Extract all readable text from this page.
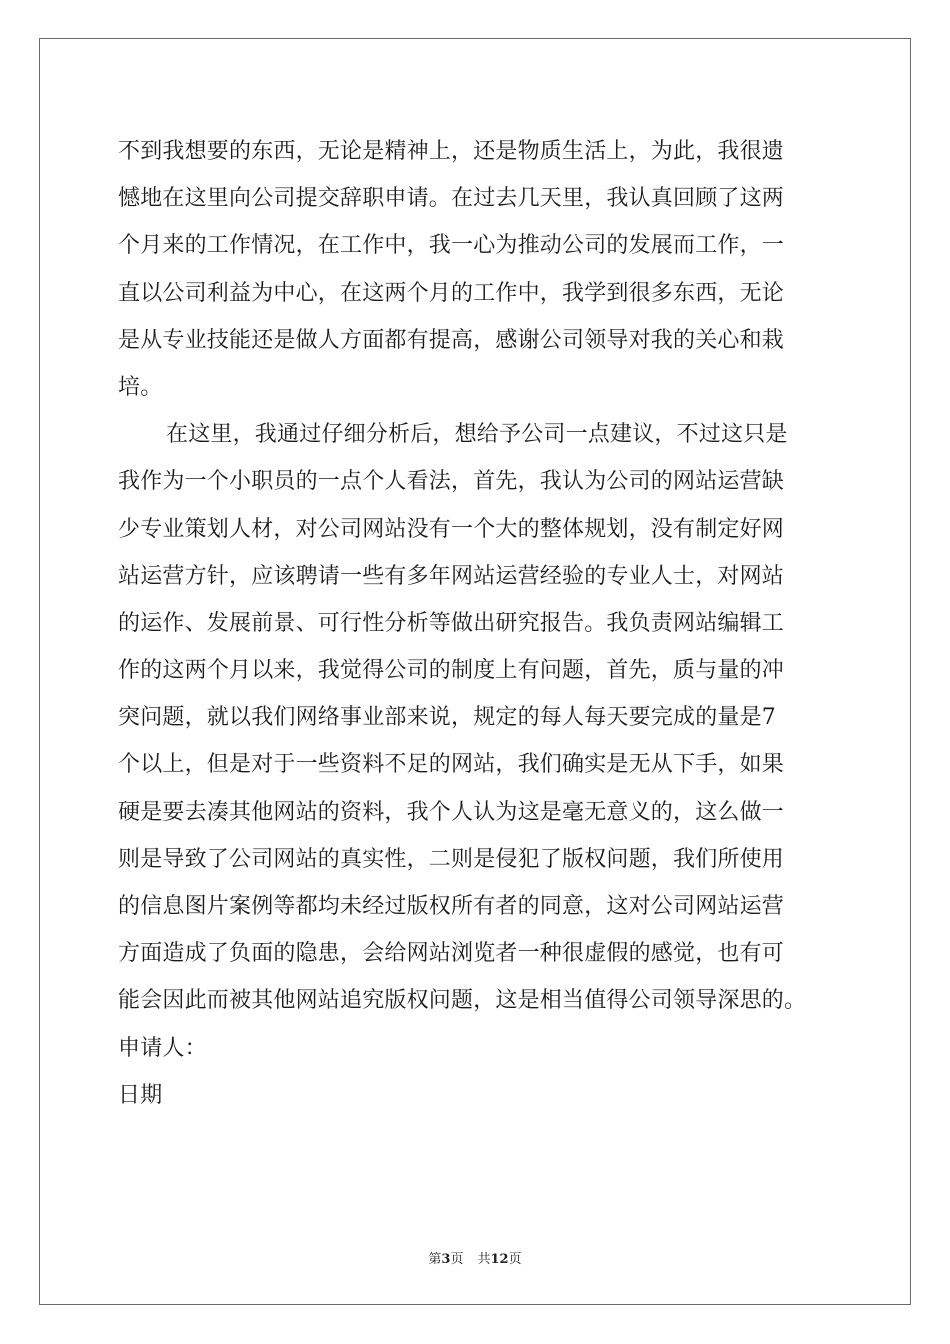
不到我想要的东西，无论是精神上，还是物质生活上，为此，我很遗
憾地在这里向公司提交辞职申请。在过去几天里，我认真回顾了这两
个月来的工作情况，在工作中，我一心为推动公司的发展而工作，一
直以公司利益为中心，在这两个月的工作中，我学到很多东西，无论
是从专业技能还是做人方面都有提高，感谢公司领导对我的关心和栽
培。
在这里，我通过仔细分析后，想给予公司一点建议，不过这只是
我作为一个小职员的一点个人看法，首先，我认为公司的网站运营缺
少专业策划人材，对公司网站没有一个大的整体规划，没有制定好网
站运营方针，应该聘请一些有多年网站运营经验的专业人士，对网站
的运作、发展前景、可行性分析等做出研究报告。我负责网站编辑工
作的这两个月以来，我觉得公司的制度上有问题，首先，质与量的冲
突问题，就以我们网络事业部来说，规定的每人每天要完成的量是7
个以上，但是对于一些资料不足的网站，我们确实是无从下手，如果
硬是要去凑其他网站的资料，我个人认为这是毫无意义的，这么做一
则是导致了公司网站的真实性，二则是侵犯了版权问题，我们所使用
的信息图片案例等都均未经过版权所有者的同意，这对公司网站运营
方面造成了负面的隐患，会给网站浏览者一种很虚假的感觉，也有可
能会因此而被其他网站追究版权问题，这是相当值得公司领导深思的。
申请人：
日期
第3页 共12页
